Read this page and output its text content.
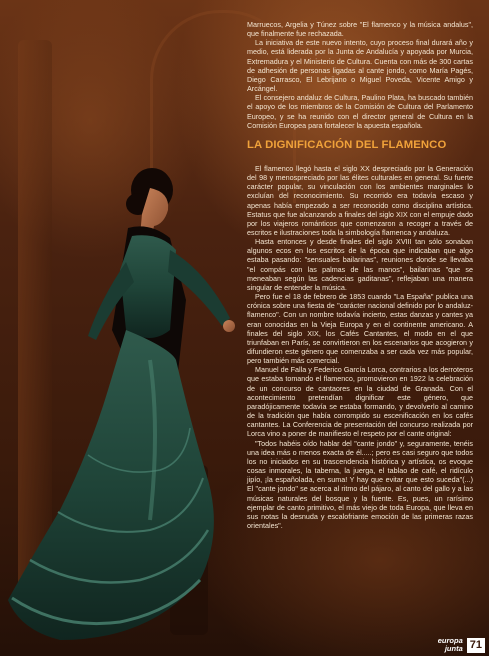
Marruecos, Argelia y Túnez sobre "El flamenco y la música andalus", que finalmente fue rechazada.

La iniciativa de este nuevo intento, cuyo proceso final durará año y medio, está liderada por la Junta de Andalucía y apoyada por Murcia, Extremadura y el Ministerio de Cultura. Cuenta con más de 300 cartas de adhesión de personas ligadas al cante jondo, como María Pagés, Diego Carrasco, El Lebrijano o Miguel Poveda, Vicente Amigo y Arcángel.

El consejero andaluz de Cultura, Paulino Plata, ha buscado también el apoyo de los miembros de la Comisión de Cultura del Parlamento Europeo, y se ha reunido con el director general de Cultura en la Comisión Europea para fortalecer la apuesta española.

LA DIGNIFICACIÓN DEL FLAMENCO

El flamenco llegó hasta el siglo XX despreciado por la Generación del 98 y menospreciado por las élites culturales en general. Su fuerte carácter popular, su vinculación con los ambientes marginales lo excluían del reconocimiento. Su recorrido era todavía escaso y apenas había empezado a ser reconocido como disciplina artística. Estatus que fue alcanzando a finales del siglo XIX con el empuje dado por los viajeros románticos que comenzaron a recoger a través de escritos e ilustraciones toda la simbología flamenca y andaluza.

Hasta entonces y desde finales del siglo XVIII tan sólo sonaban algunos ecos en los escritos de la época que indicaban que algo estaba pasando: "sensuales bailarinas", reuniones donde se llevaba "el compás con las palmas de las manos", bailarinas "que se meneaban según las cadencias gaditanas", reflejaban una manera singular de entender la música.

Pero fue el 18 de febrero de 1853 cuando "La España" publica una crónica sobre una fiesta de "carácter nacional definido por lo andaluz-flamenco". Con un nombre todavía incierto, estas danzas y cantes ya eran conocidas en la Vieja Europa y en el continente americano. A finales del siglo XIX, los Cafés Cantantes, el modo en el que triunfaban en París, se convirtieron en los escenarios que acogieron y difundieron este género que comenzaba a ser cada vez más popular, pero también más comercial.

Manuel de Falla y Federico García Lorca, contrarios a los derroteros que estaba tomando el flamenco, promovieron en 1922 la celebración de un concurso de cantaores en la ciudad de Granada. Con el acontecimiento pretendían dignificar este género, que paradójicamente todavía se estaba formando, y devolverlo al camino de la tradición que había corrompido su escenificación en los cafés cantantes. La Conferencia de presentación del concurso realizada por Lorca vino a poner de manifiesto el respeto por el cante original:

"Todos habéis oído hablar del "cante jondo" y, seguramente, tenéis una idea más o menos exacta de él.....; pero es casi seguro que todos los no iniciados en su trascendencia histórica y artística, os evoque cosas inmorales, la taberna, la juerga, el tablao de café, el ridículo jipío, ¡la españolada, en suma! Y hay que evitar que esto suceda"(...) El "cante jondo" se acerca al ritmo del pájaro, al canto del gallo y a las músicas naturales del bosque y la fuente. Es, pues, un rarísimo ejemplar de canto primitivo, el más viejo de toda Europa, que lleva en sus notas la desnuda y escalofriante emoción de las primeras razas orientales".

europa
junta 71
